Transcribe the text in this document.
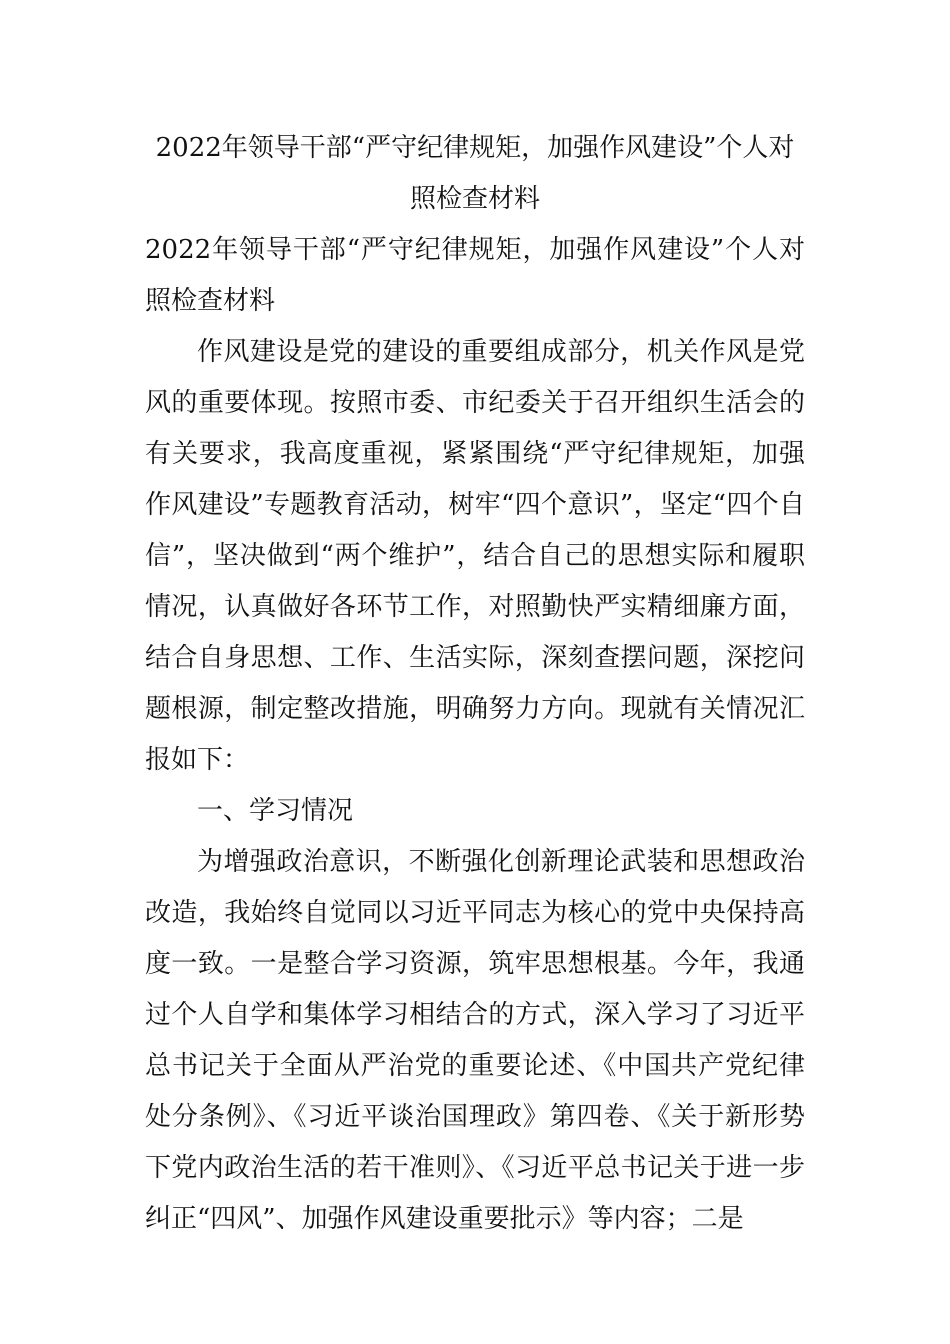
2022年领导干部“严守纪律规矩，加强作风建设”个人对照检查材料

2022年领导干部“严守纪律规矩，加强作风建设”个人对照检查材料

作风建设是党的建设的重要组成部分，机关作风是党风的重要体现。按照市委、市纪委关于召开组织生活会的有关要求，我高度重视，紧紧围绕“严守纪律规矩，加强作风建设”专题教育活动，树牢“四个意识”，坚定“四个自信”，坚决做到“两个维护”，结合自己的思想实际和履职情况，认真做好各环节工作，对照勤快严实精细廉方面，结合自身思想、工作、生活实际，深刻查摆问题，深挖问题根源，制定整改措施，明确努力方向。现就有关情况汇报如下：

一、学习情况

为增强政治意识，不断强化创新理论武装和思想政治改造，我始终自觉同以习近平同志为核心的党中央保持高度一致。一是整合学习资源，筑牢思想根基。今年，我通过个人自学和集体学习相结合的方式，深入学习了习近平总书记关于全面从严治党的重要论述、《中国共产党纪律处分条例》、《习近平谈治国理政》第四卷、《关于新形势下党内政治生活的若干准则》、《习近平总书记关于进一步纠正“四风”、加强作风建设重要批示》等内容；二是
